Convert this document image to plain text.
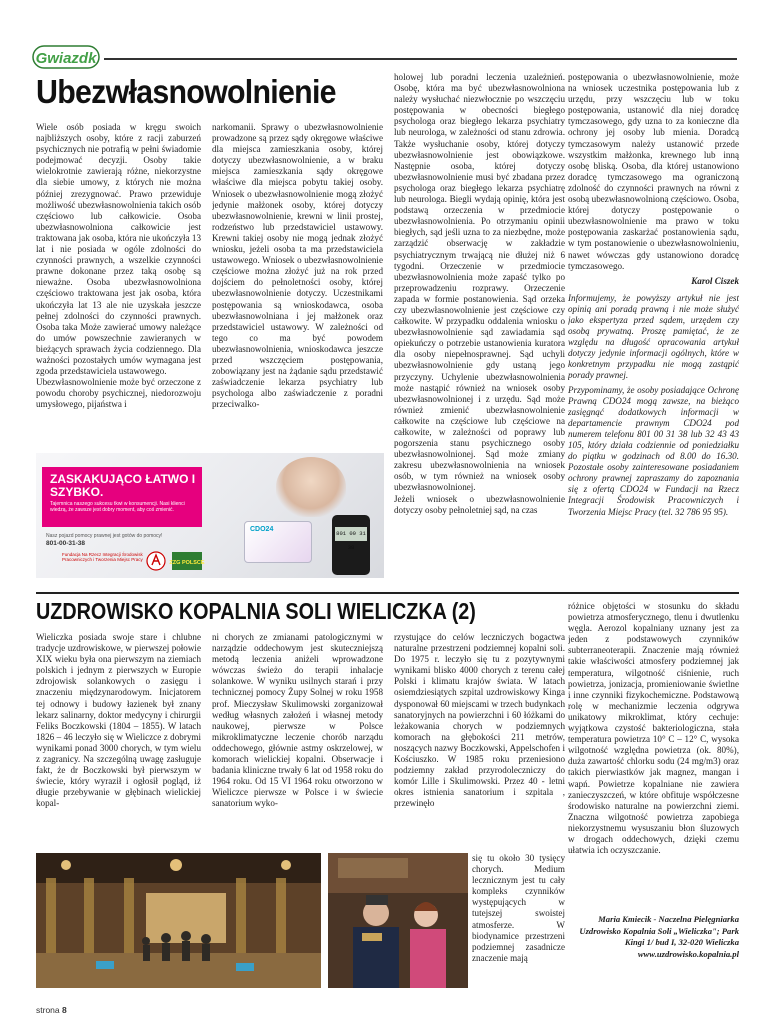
Gwiazdk
Ubezwłasnowolnienie

Wiele osób posiada w kręgu swoich najbliższych osoby, które z racji zaburzeń psychicznych nie potrafią w pełni świadomie podejmować decyzji. Osoby takie wielokrotnie zawierają różne, niekorzystne dla siebie umowy, z których nie można później zrezygnować. Prawo przewiduje możliwość ubezwłasnowolnienia takich osób częściowo lub całkowicie. Osoba ubezwłasnowolniona całkowicie jest traktowana jak osoba, która nie ukończyła 13 lat i nie posiada w ogóle zdolności do czynności prawnych, a wszelkie czynności prawne dokonane przez taką osobę są nieważne. Osoba ubezwłasnowolniona częściowo traktowana jest jak osoba, która ukończyła lat 13 ale nie uzyskała jeszcze pełnej zdolności do czynności prawnych. Osoba taka Może zawierać umowy należące do umów powszechnie zawieranych w bieżących sprawach życia codziennego. Dla ważności pozostałych umów wymagana jest zgoda przedstawiciela ustawowego.

Ubezwłasnowolnienie może być orzeczone z powodu choroby psychicznej, niedorozwoju umysłowego, pijaństwa i

narkomanii. Sprawy o ubezwłasnowolnienie prowadzone są przez sądy okręgowe właściwe dla miejsca zamieszkania osoby, której dotyczy ubezwłasnowolnienie, a w braku miejsca zamieszkania sądy okręgowe właściwe dla miejsca pobytu takiej osoby. Wniosek o ubezwłasnowolnienie mogą złożyć jedynie małżonek osoby, której dotyczy ubezwłasnowolnienie, krewni w linii prostej, rodzeństwo lub przedstawiciel ustawowy. Krewni takiej osoby nie mogą jednak złożyć wniosku, jeżeli osoba ta ma przedstawiciela ustawowego. Wniosek o ubezwłasnowolnienie częściowe można złożyć już na rok przed dojściem do pełnoletności osoby, której ubezwłasnowolnienie dotyczy. Uczestnikami postępowania są wnioskodawca, osoba ubezwłasnowolniana i jej małżonek oraz przedstawiciel ustawowy. W zależności od tego co ma być powodem ubezwłasnowolnienia, wnioskodawca jeszcze przed wszczęciem postępowania, zobowiązany jest na żądanie sądu przedstawić zaświadczenie lekarza psychiatry lub psychologa albo zaświadczenie z poradni przeciwalko-

holowej lub poradni leczenia uzależnień. Osobę, która ma być ubezwłasnowolniona należy wysłuchać niezwłocznie po wszczęciu postępowania w obecności biegłego psychologa oraz biegłego lekarza psychiatry lub neurologa, w zależności od stanu zdrowia. Także wysłuchanie osoby, której dotyczy ubezwłasnowolnienie jest obowiązkowe. Następnie osoba, której dotyczy ubezwłasnowolnienie musi być zbadana przez psychologa oraz biegłego lekarza psychiatrę lub neurologa. Biegli wydają opinię, która jest podstawą orzeczenia w przedmiocie ubezwłasnowolnienia. Po otrzymaniu opinii biegłych, sąd jeśli uzna to za niezbędne, może zarządzić obserwację w zakładzie psychiatrycznym trwającą nie dłużej niż 6 tygodni. Orzeczenie w przedmiocie ubezwłasnowolnienia może zapaść tylko po przeprowadzeniu rozprawy. Orzeczenie zapada w formie postanowienia. Sąd orzeka czy ubezwłasnowolnienie jest częściowe czy całkowite. W przypadku oddalenia wniosku o ubezwłasnowolnienie sąd zawiadamia sąd opiekuńczy o potrzebie ustanowienia kuratora dla osoby niepełnosprawnej. Sąd uchyli ubezwłasnowolnienie gdy ustaną jego przyczyny. Uchylenie ubezwłasnowolnienia może nastąpić również na wniosek osoby ubezwłasnowolnionej i z urzędu. Sąd może również zmienić ubezwłasnowolnienie całkowite na częściowe lub częściowe na całkowite, w zależności od poprawy lub pogorszenia stanu psychicznego osoby ubezwłasnowolnionej. Sąd może zmiany zakresu ubezwłasnowolnienia na wniosek osób, w tym również na wniosek osoby ubezwłasnowolnionej.

Jeżeli wniosek o ubezwłasnowolnienie dotyczy osoby pełnoletniej sąd, na czas

postępowania o ubezwłasnowolnienie, może na wniosek uczestnika postępowania lub z urzędu, przy wszczęciu lub w toku postępowania, ustanowić dla niej doradcę tymczasowego, gdy uzna to za konieczne dla ochrony jej osoby lub mienia. Doradcą tymczasowym należy ustanowić przede wszystkim małżonka, krewnego lub inną osobę bliską. Osoba, dla której ustanowiono doradcę tymczasowego ma ograniczoną zdolność do czynności prawnych na równi z osobą ubezwłasnowolnioną częściowo. Osoba, której dotyczy postępowanie o ubezwłasnowolnienie ma prawo w toku postępowania zaskarżać postanowienia sądu, w tym postanowienie o ubezwłasnowolnieniu, nawet wówczas gdy ustanowiono doradcę tymczasowego.

Karol Ciszek

Informujemy, że powyższy artykuł nie jest opinią ani poradą prawną i nie może służyć jako ekspertyza przed sądem, urzędem czy osobą prywatną. Proszę pamiętać, że ze względu na długość opracowania artykuł dotyczy jedynie informacji ogólnych, które w konkretnym przypadku nie mogą zastąpić porady prawnej.

Przypominamy, że osoby posiadające Ochronę Prawną CDO24 mogą zawsze, na bieżąco zasięgnąć dodatkowych informacji w departamencie prawnym CDO24 pod numerem telefonu 801 00 31 38 lub 32 43 43 105, który działa codziennie od poniedziałku do piątku w godzinach od 8.00 do 16.30. Pozostałe osoby zainteresowane posiadaniem ochrony prawnej zapraszamy do zapoznania się z ofertą CDO24 w Fundacji na Rzecz Integracji Środowisk Pracowniczych i Tworzenia Miejsc Pracy (tel. 32 786 95 95).

ZASKAKUJĄCO ŁATWO I SZYBKO.
Tajemnica naszego sukcesu tkwi w konsumencji. Nasi klienci wiedzą, że zawsze jest dobry moment, aby coś zmienić.
Nasz pojazd pomocy prawnej jest gotów do pomocy!
801-00-31-38
Fundacja Na Rzecz Integracji Środowisk Pracowniczych i Tworzenia Miejsc Pracy
ZZG POLSCE
CDO24
801 00 31 38
UZDROWISKO KOPALNIA SOLI WIELICZKA (2)

Wieliczka posiada swoje stare i chlubne tradycje uzdrowiskowe, w pierwszej połowie XIX wieku była ona pierwszym na ziemiach polskich i jednym z pierwszych w Europie zdrojowisk solankowych o zasięgu i znaczeniu międzynarodowym. Inicjatorem tej odnowy i budowy łazienek był znany lekarz salinarny, doktor medycyny i chirurgii Feliks Boczkowski (1804 – 1855). W latach 1826 – 46 leczyło się w Wieliczce z dobrymi wynikami ponad 3000 chorych, w tym wielu z zagranicy. Na szczególną uwagę zasługuje fakt, że dr Boczkowski był pierwszym w świecie, który wyraził i ogłosił pogląd, iż długie przebywanie w głębinach wielickiej kopal-

ni chorych ze zmianami patologicznymi w narządzie oddechowym jest skuteczniejszą metodą leczenia aniżeli wprowadzone wówczas świeżo do terapii inhalacje solankowe. W wyniku usilnych starań i przy technicznej pomocy Żupy Solnej w roku 1958 prof. Mieczysław Skulimowski zorganizował według własnych założeń i własnej metody naukowej, pierwsze w Polsce mikroklimatyczne leczenie chorób narządu oddechowego, głównie astmy oskrzelowej, w komorach wielickiej kopalni. Obserwacje i badania kliniczne trwały 6 lat od 1958 roku do 1964 roku. Od 15 VI 1964 roku otworzono w Wieliczce pierwsze w Polsce i w świecie sanatorium wyko-

rzystujące do celów leczniczych bogactwa naturalne przestrzeni podziemnej kopalni soli. Do 1975 r. leczyło się tu z pozytywnymi wynikami blisko 4000 chorych z terenu całej Polski i klimatu krajów świata. W latach osiemdziesiątych szpital uzdrowiskowy Kinga dysponował 60 miejscami w trzech budynkach sanatoryjnych na powierzchni i 60 łóżkami do leżakowania chorych w podziemnych komorach na głębokości 211 metrów, noszących nazwy Boczkowski, Appelschofen i Kościuszko. W 1985 roku przeniesiono podziemny zakład przyrodoleczniczy do komór Lille i Skulimowski. Przez 40 - letni okres istnienia sanatorium i szpitala , przewinęło

się tu około 30 tysięcy chorych. Medium lecznicznym jest tu cały kompleks czynników występujących w tutejszej swoistej atmosferze. W biodynamice przestrzeni podziemnej zasadnicze znaczenie mają

różnice objętości w stosunku do składu powietrza atmosferycznego, tlenu i dwutlenku węgla. Aerozol kopalniany uznany jest za jeden z podstawowych czynników subterraneoterapii. Znaczenie mają również takie właściwości atmosfery podziemnej jak temperatura, wilgotność ciśnienie, ruch powietrza, jonizacja, promieniowanie świetlne i inne czynniki fizykochemiczne. Podstawową rolę w mechanizmie leczenia odgrywa unikatowy mikroklimat, który cechuje: wyjątkowa czystość bakteriologiczna, stała temperatura powietrza 10° C – 12° C, wysoka wilgotność względna powietrza (ok. 80%), duża zawartość chlorku sodu (24 mg/m3) oraz takich pierwiastków jak magnez, mangan i wapń. Powietrze kopalniane nie zawiera zanieczyszczeń, w które obfituje współczesne środowisko naturalne na powierzchni ziemi. Znaczna wilgotność powietrza zapobiega niekorzystnemu wysuszaniu błon śluzowych w drogach oddechowych, dzięki czemu ułatwia ich oczyszczanie.

Maria Kmiecik - Naczelna Pielęgniarka
Uzdrowisko Kopalnia Soli „Wieliczka"; Park
Kingi 1/ bud I, 32-020 Wieliczka
www.uzdrowisko.kopalnia.pl
strona 8
